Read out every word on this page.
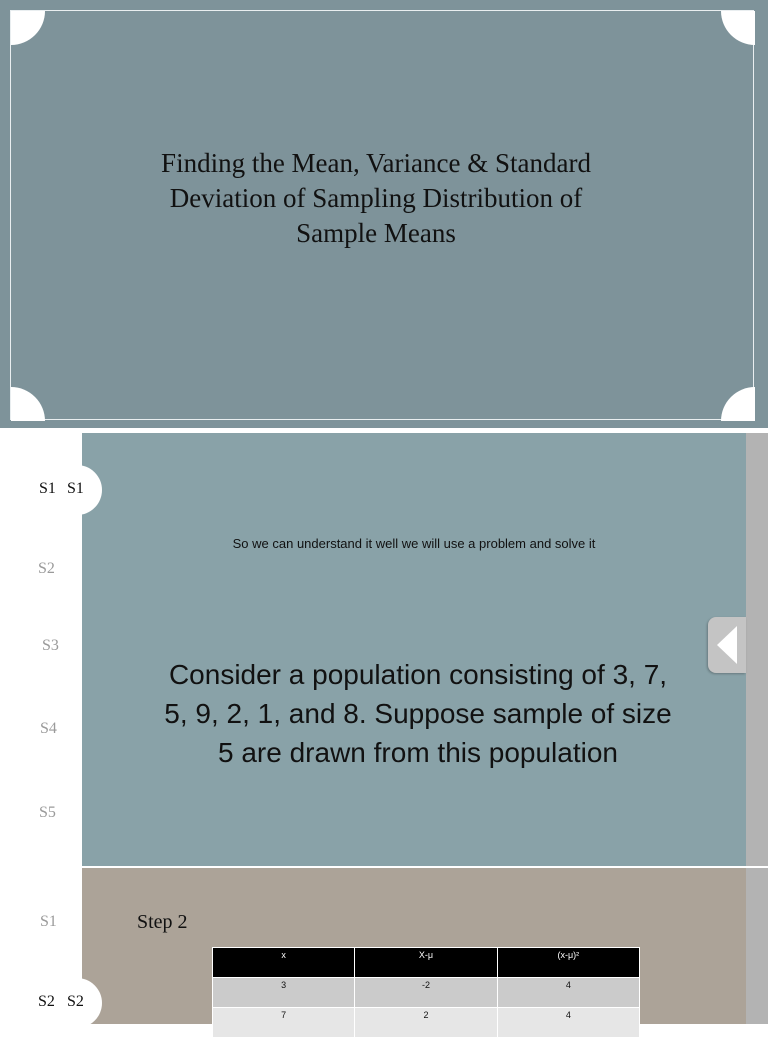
Finding the Mean, Variance & Standard
Deviation of Sampling Distribution of
Sample Means
S1 S1
S2
S3
S4
S5
So we can understand it well we will use a problem and solve it
Consider a population consisting of 3, 7,
5, 9, 2, 1, and 8. Suppose sample of size
5 are drawn from this population
S1
S2 S2
Step 2
x	X-μ	(x-μ)²
3	-2	4
7	2	4
